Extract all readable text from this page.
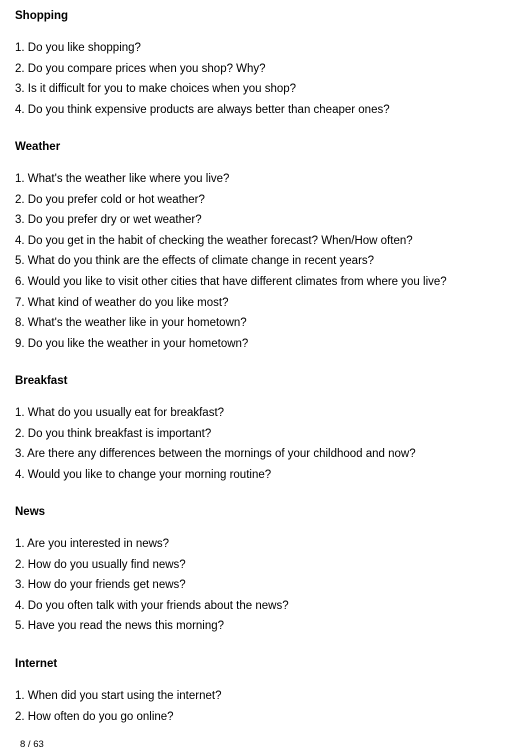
Shopping
1. Do you like shopping?
2. Do you compare prices when you shop? Why?
3. Is it difficult for you to make choices when you shop?
4. Do you think expensive products are always better than cheaper ones?
Weather
1. What's the weather like where you live?
2. Do you prefer cold or hot weather?
3. Do you prefer dry or wet weather?
4. Do you get in the habit of checking the weather forecast? When/How often?
5. What do you think are the effects of climate change in recent years?
6. Would you like to visit other cities that have different climates from where you live?
7. What kind of weather do you like most?
8. What's the weather like in your hometown?
9. Do you like the weather in your hometown?
Breakfast
1. What do you usually eat for breakfast?
2. Do you think breakfast is important?
3. Are there any differences between the mornings of your childhood and now?
4. Would you like to change your morning routine?
News
1. Are you interested in news?
2. How do you usually find news?
3. How do your friends get news?
4. Do you often talk with your friends about the news?
5. Have you read the news this morning?
Internet
1. When did you start using the internet?
2. How often do you go online?
8 / 63
